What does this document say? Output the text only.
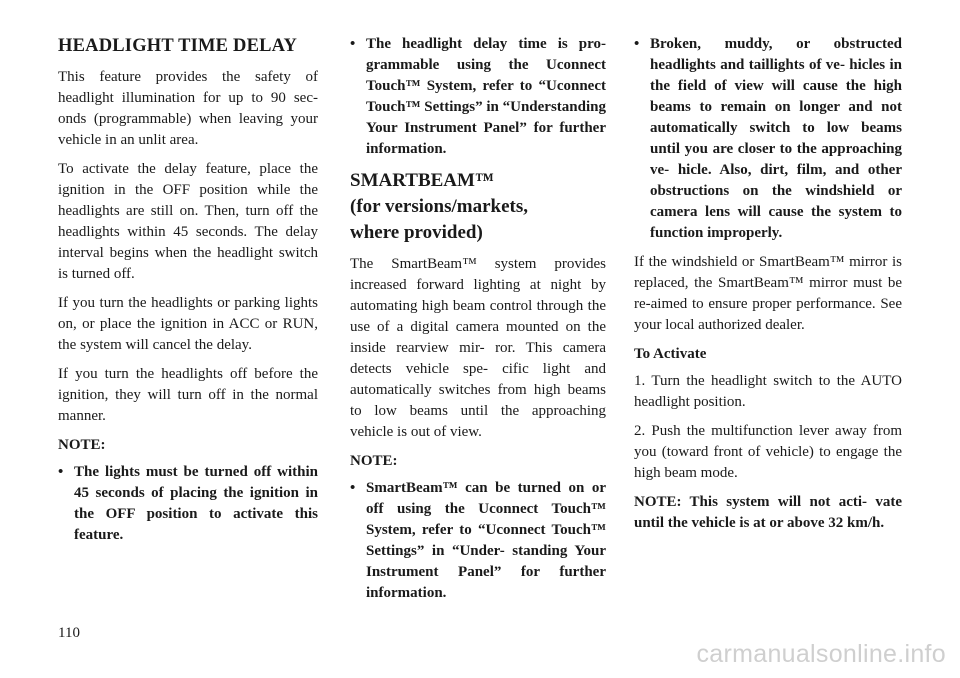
HEADLIGHT TIME DELAY

This feature provides the safety of headlight illumination for up to 90 sec- onds (programmable) when leaving your vehicle in an unlit area.

To activate the delay feature, place the ignition in the OFF position while the headlights are still on. Then, turn off the headlights within 45 seconds. The delay interval begins when the headlight switch is turned off.

If you turn the headlights or parking lights on, or place the ignition in ACC or RUN, the system will cancel the delay.

If you turn the headlights off before the ignition, they will turn off in the normal manner.

NOTE:

• The lights must be turned off within 45 seconds of placing the ignition in the OFF position to activate this feature.
• The headlight delay time is pro- grammable using the Uconnect Touch™ System, refer to “Uconnect Touch™ Settings” in “Understanding Your Instrument Panel” for further information.
SMARTBEAM™
(for versions/markets,
where provided)

The SmartBeam™ system provides increased forward lighting at night by automating high beam control through the use of a digital camera mounted on the inside rearview mir- ror. This camera detects vehicle spe- cific light and automatically switches from high beams to low beams until the approaching vehicle is out of view.

NOTE:

• SmartBeam™ can be turned on or off using the Uconnect Touch™ System, refer to “Uconnect Touch™ Settings” in “Under- standing Your Instrument Panel” for further information.
• Broken, muddy, or obstructed headlights and taillights of ve- hicles in the field of view will cause the high beams to remain on longer and not automatically switch to low beams until you are closer to the approaching ve- hicle. Also, dirt, film, and other obstructions on the windshield or camera lens will cause the system to function improperly.

If the windshield or SmartBeam™ mirror is replaced, the SmartBeam™ mirror must be re-aimed to ensure proper performance. See your local authorized dealer.

To Activate

1. Turn the headlight switch to the AUTO headlight position.

2. Push the multifunction lever away from you (toward front of vehicle) to engage the high beam mode.

NOTE: This system will not acti- vate until the vehicle is at or above 32 km/h.

110
carmanualsonline.info
